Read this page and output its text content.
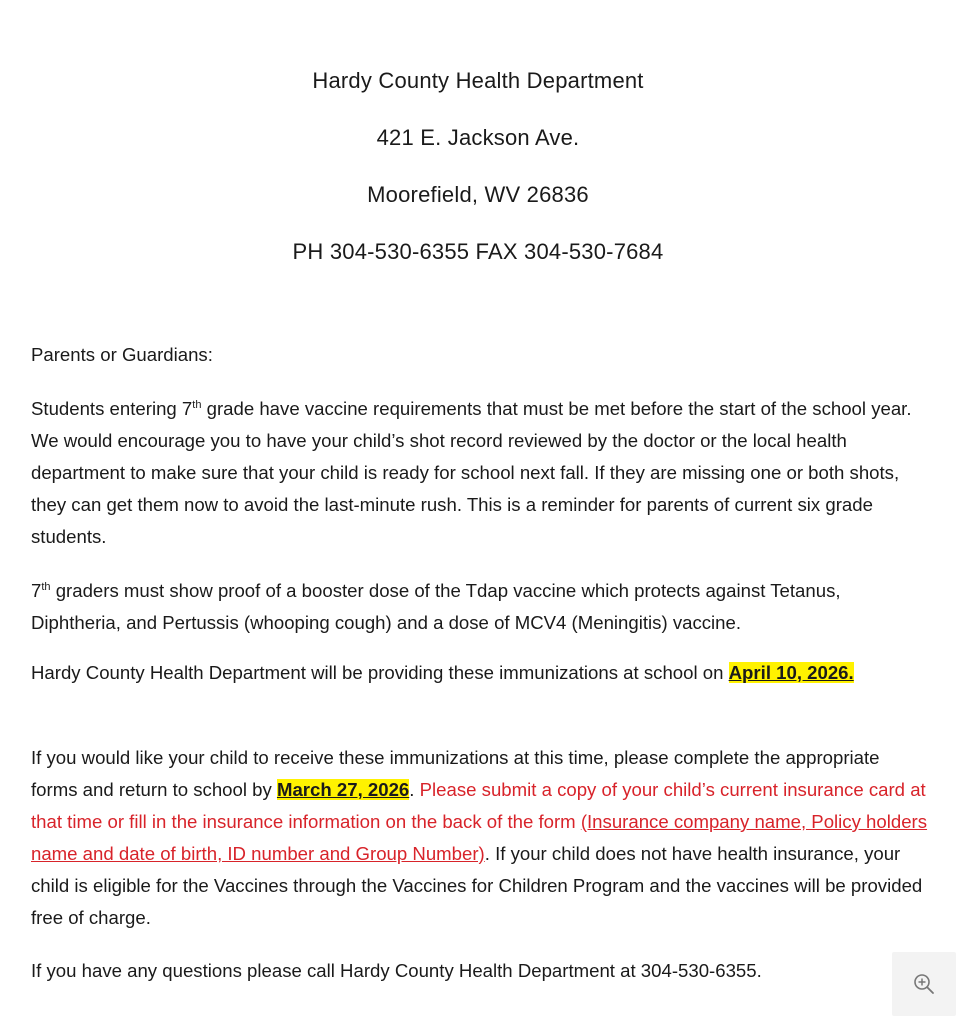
Hardy County Health Department
421 E. Jackson Ave.
Moorefield, WV 26836
PH 304-530-6355 FAX 304-530-7684
Parents or Guardians:
Students entering 7th grade have vaccine requirements that must be met before the start of the school year. We would encourage you to have your child’s shot record reviewed by the doctor or the local health department to make sure that your child is ready for school next fall. If they are missing one or both shots, they can get them now to avoid the last-minute rush. This is a reminder for parents of current six grade students.
7th graders must show proof of a booster dose of the Tdap vaccine which protects against Tetanus, Diphtheria, and Pertussis (whooping cough) and a dose of MCV4 (Meningitis) vaccine.
Hardy County Health Department will be providing these immunizations at school on April 10, 2026.
If you would like your child to receive these immunizations at this time, please complete the appropriate forms and return to school by March 27, 2026. Please submit a copy of your child’s current insurance card at that time or fill in the insurance information on the back of the form (Insurance company name, Policy holders name and date of birth, ID number and Group Number). If your child does not have health insurance, your child is eligible for the Vaccines through the Vaccines for Children Program and the vaccines will be provided free of charge.
If you have any questions please call Hardy County Health Department at 304-530-6355.
